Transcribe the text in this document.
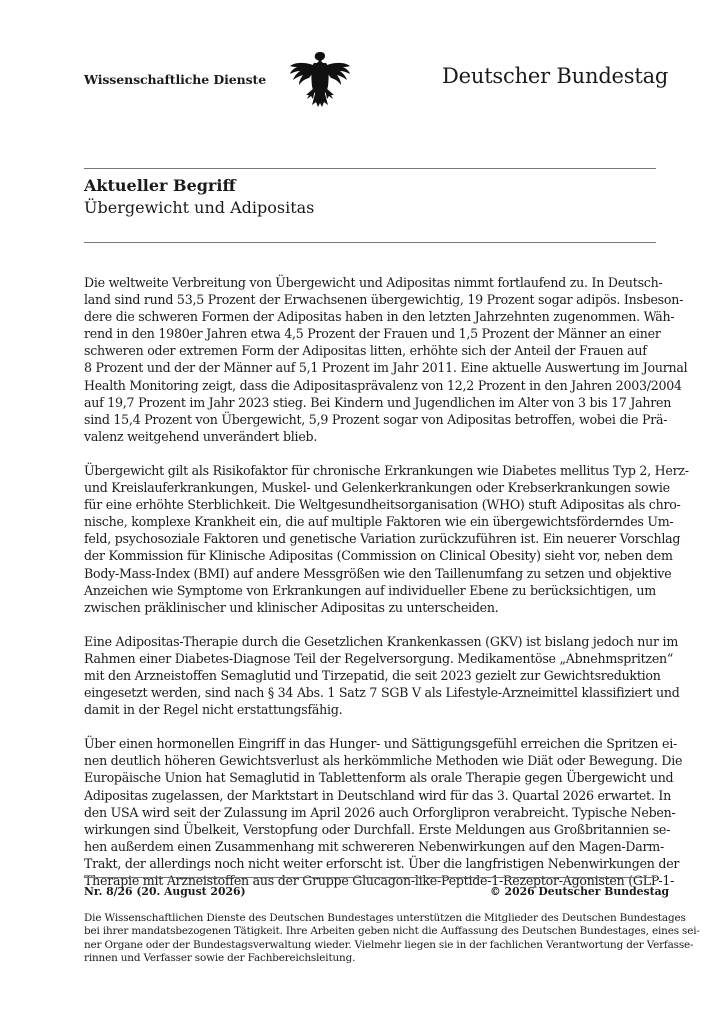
Wissenschaftliche Dienste	Deutscher Bundestag
Aktueller Begriff
Übergewicht und Adipositas

Die weltweite Verbreitung von Übergewicht und Adipositas nimmt fortlaufend zu. In Deutsch-
land sind rund 53,5 Prozent der Erwachsenen übergewichtig, 19 Prozent sogar adipös. Insbeson-
dere die schweren Formen der Adipositas haben in den letzten Jahrzehnten zugenommen. Wäh-
rend in den 1980er Jahren etwa 4,5 Prozent der Frauen und 1,5 Prozent der Männer an einer
schweren oder extremen Form der Adipositas litten, erhöhte sich der Anteil der Frauen auf
8 Prozent und der der Männer auf 5,1 Prozent im Jahr 2011. Eine aktuelle Auswertung im Journal
Health Monitoring zeigt, dass die Adipositasprävalenz von 12,2 Prozent in den Jahren 2003/2004
auf 19,7 Prozent im Jahr 2023 stieg. Bei Kindern und Jugendlichen im Alter von 3 bis 17 Jahren
sind 15,4 Prozent von Übergewicht, 5,9 Prozent sogar von Adipositas betroffen, wobei die Prä-
valenz weitgehend unverändert blieb.

Übergewicht gilt als Risikofaktor für chronische Erkrankungen wie Diabetes mellitus Typ 2, Herz-
und Kreislauferkrankungen, Muskel- und Gelenkerkrankungen oder Krebserkrankungen sowie
für eine erhöhte Sterblichkeit. Die Weltgesundheitsorganisation (WHO) stuft Adipositas als chro-
nische, komplexe Krankheit ein, die auf multiple Faktoren wie ein übergewichtsförderndes Um-
feld, psychosoziale Faktoren und genetische Variation zurückzuführen ist. Ein neuerer Vorschlag
der Kommission für Klinische Adipositas (Commission on Clinical Obesity) sieht vor, neben dem
Body-Mass-Index (BMI) auf andere Messgrößen wie den Taillenumfang zu setzen und objektive
Anzeichen wie Symptome von Erkrankungen auf individueller Ebene zu berücksichtigen, um
zwischen präklinischer und klinischer Adipositas zu unterscheiden.

Eine Adipositas-Therapie durch die Gesetzlichen Krankenkassen (GKV) ist bislang jedoch nur im
Rahmen einer Diabetes-Diagnose Teil der Regelversorgung. Medikamentöse „Abnehmspritzen“
mit den Arzneistoffen Semaglutid und Tirzepatid, die seit 2023 gezielt zur Gewichtsreduktion
eingesetzt werden, sind nach § 34 Abs. 1 Satz 7 SGB V als Lifestyle-Arzneimittel klassifiziert und
damit in der Regel nicht erstattungsfähig.

Über einen hormonellen Eingriff in das Hunger- und Sättigungsgefühl erreichen die Spritzen ei-
nen deutlich höheren Gewichtsverlust als herkömmliche Methoden wie Diät oder Bewegung. Die
Europäische Union hat Semaglutid in Tablettenform als orale Therapie gegen Übergewicht und
Adipositas zugelassen, der Marktstart in Deutschland wird für das 3. Quartal 2026 erwartet. In
den USA wird seit der Zulassung im April 2026 auch Orforglipron verabreicht. Typische Neben-
wirkungen sind Übelkeit, Verstopfung oder Durchfall. Erste Meldungen aus Großbritannien se-
hen außerdem einen Zusammenhang mit schwereren Nebenwirkungen auf den Magen-Darm-
Trakt, der allerdings noch nicht weiter erforscht ist. Über die langfristigen Nebenwirkungen der
Therapie mit Arzneistoffen aus der Gruppe Glucagon-like-Peptide-1-Rezeptor-Agonisten (GLP-1-

Nr. 8/26 (20. August 2026)	© 2026 Deutscher Bundestag
Die Wissenschaftlichen Dienste des Deutschen Bundestages unterstützen die Mitglieder des Deutschen Bundestages
bei ihrer mandatsbezogenen Tätigkeit. Ihre Arbeiten geben nicht die Auffassung des Deutschen Bundestages, eines sei-
ner Organe oder der Bundestagsverwaltung wieder. Vielmehr liegen sie in der fachlichen Verantwortung der Verfasse-
rinnen und Verfasser sowie der Fachbereichsleitung.
